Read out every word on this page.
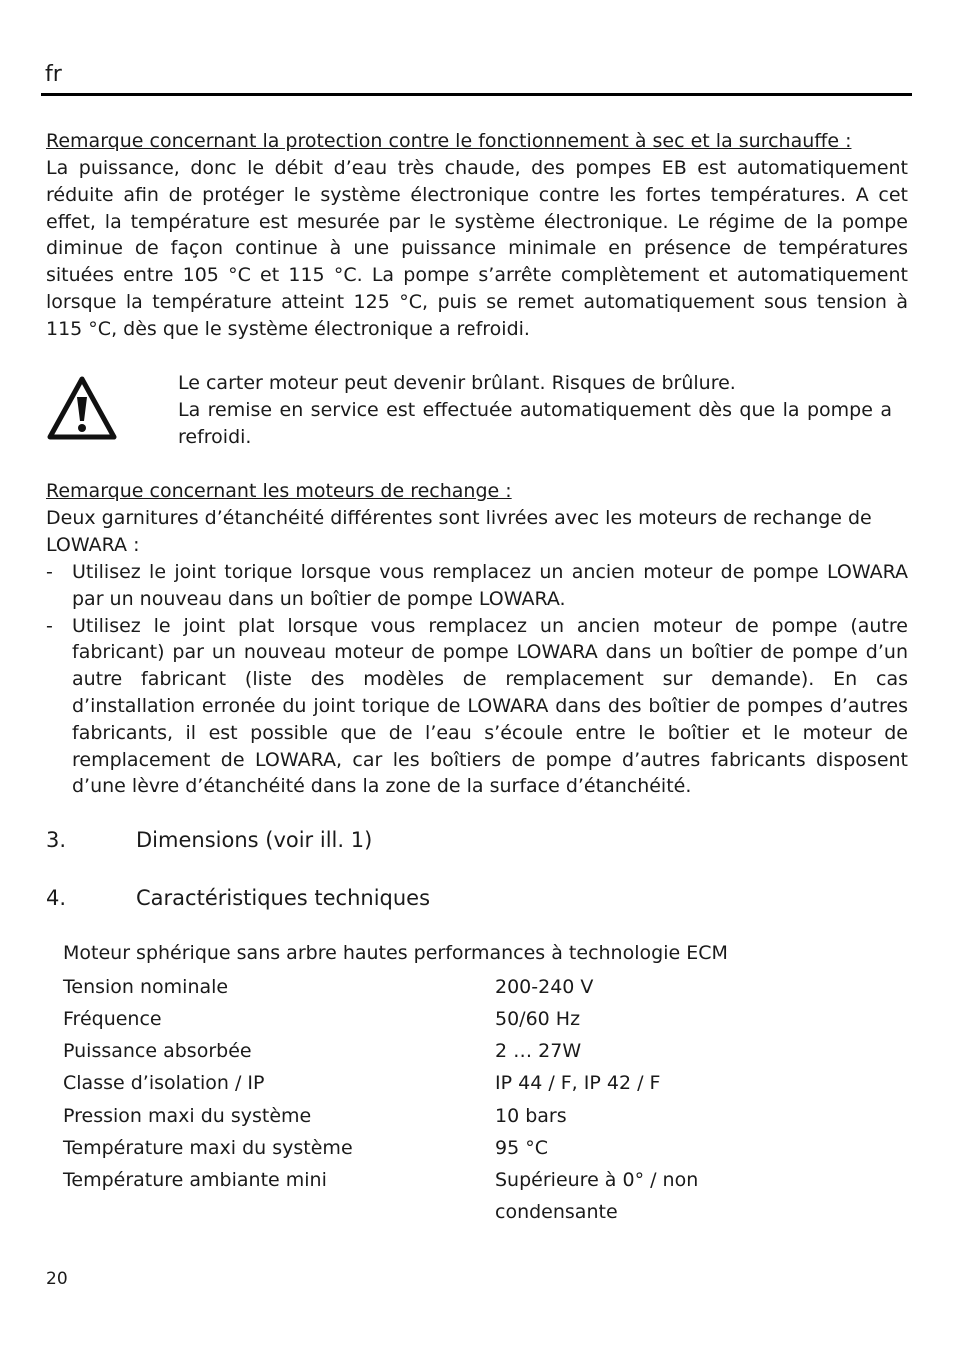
fr
Remarque concernant la protection contre le fonctionnement à sec et la surchauffe :
La puissance, donc le débit d’eau très chaude, des pompes EB est automatiquement réduite afin de protéger le système électronique contre les fortes températures. A cet effet, la température est mesurée par le système électronique. Le régime de la pompe diminue de façon continue à une puissance minimale en présence de températures situées entre 105 °C et 115 °C. La pompe s’arrête complètement et automatiquement lorsque la température atteint 125 °C, puis se remet automatiquement sous tension à 115 °C, dès que le système électronique a refroidi.
Le carter moteur peut devenir brûlant. Risques de brûlure.
La remise en service est effectuée automatiquement dès que la pompe a refroidi.
Remarque concernant les moteurs de rechange :
Deux garnitures d’étanchéité différentes sont livrées avec les moteurs de rechange de LOWARA :
- Utilisez le joint torique lorsque vous remplacez un ancien moteur de pompe LOWARA par un nouveau dans un boîtier de pompe LOWARA.
- Utilisez le joint plat lorsque vous remplacez un ancien moteur de pompe (autre fabricant) par un nouveau moteur de pompe LOWARA dans un boîtier de pompe d’un autre fabricant (liste des modèles de remplacement sur demande). En cas d’installation erronée du joint torique de LOWARA dans des boîtier de pompes d’autres fabricants, il est possible que de l’eau s’écoule entre le boîtier et le moteur de remplacement de LOWARA, car les boîtiers de pompe d’autres fabricants disposent d’une lèvre d’étanchéité dans la zone de la surface d’étanchéité.
3.	Dimensions (voir ill. 1)
4.	Caractéristiques techniques
Moteur sphérique sans arbre hautes performances à technologie ECM
Tension nominale	200-240 V
Fréquence	50/60 Hz
Puissance absorbée	2 … 27W
Classe d’isolation / IP	IP 44 / F, IP 42 / F
Pression maxi du système	10 bars
Température maxi du système	95 °C
Température ambiante mini	Supérieure à 0° / non condensante
20
